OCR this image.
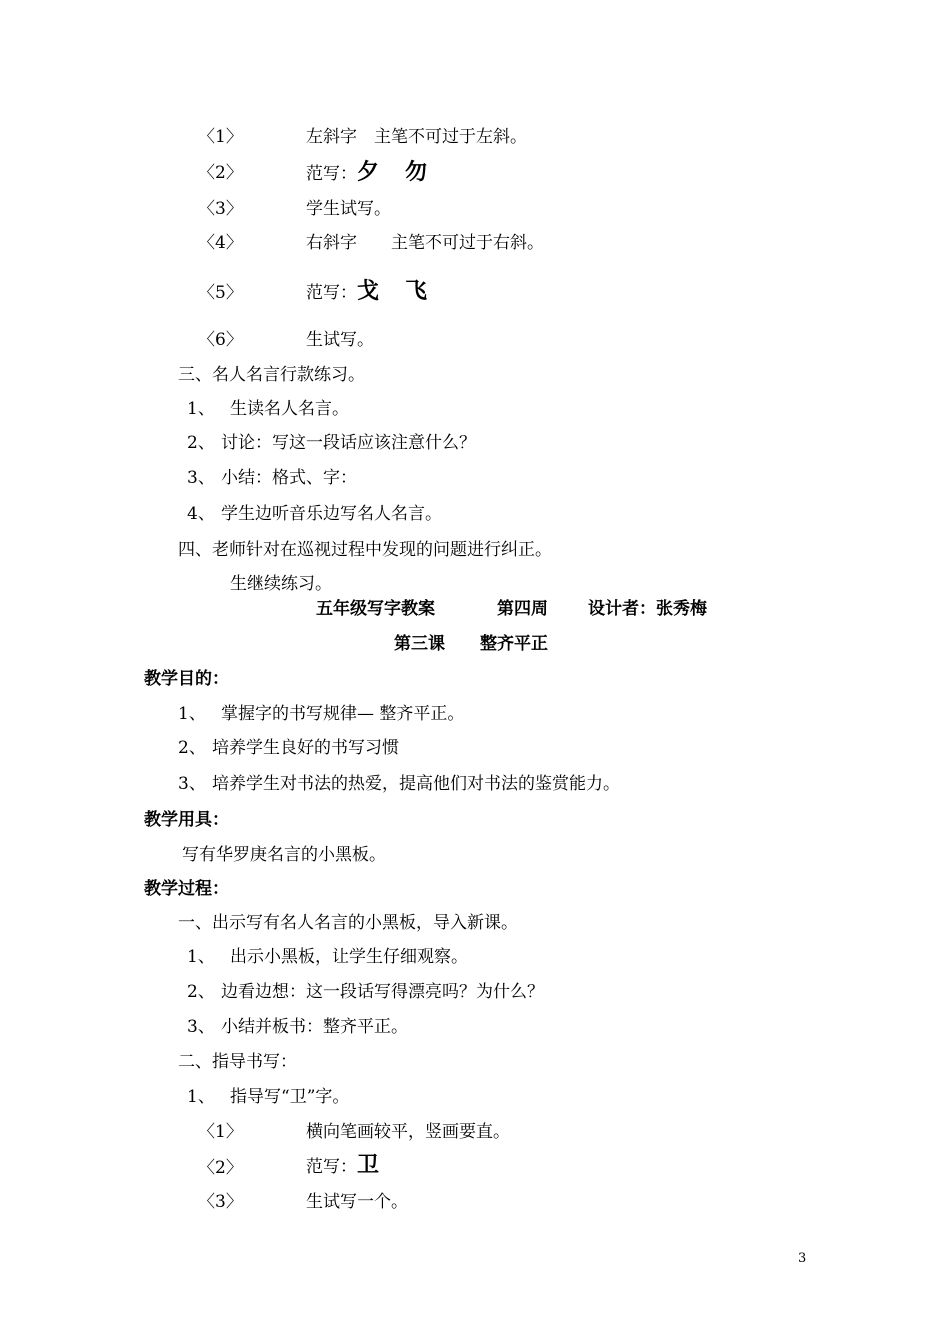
〈1〉	左斜字　主笔不可过于左斜。
〈2〉	范写：夕 勿
〈3〉	学生试写。
〈4〉	右斜字　　主笔不可过于右斜。
〈5〉	范写：戈 飞
〈6〉	生试写。
三、名人名言行款练习。
1、 生读名人名言。
2、 讨论：写这一段话应该注意什么？
3、 小结：格式、字：
4、 学生边听音乐边写名人名言。
四、老师针对在巡视过程中发现的问题进行纠正。
生继续练习。
五年级写字教案	第四周 设计者：张秀梅
第三课 整齐平正
教学目的：
1、 掌握字的书写规律— 整齐平正。
2、 培养学生良好的书写习惯
3、 培养学生对书法的热爱，提高他们对书法的鉴赏能力。
教学用具：
写有华罗庚名言的小黑板。
教学过程：
一、出示写有名人名言的小黑板，导入新课。
1、 出示小黑板，让学生仔细观察。
2、 边看边想：这一段话写得漂亮吗？为什么？
3、 小结并板书：整齐平正。
二、指导书写：
1、 指导写“卫”字。
〈1〉	横向笔画较平，竖画要直。
〈2〉	范写：卫
〈3〉	生试写一个。
3
